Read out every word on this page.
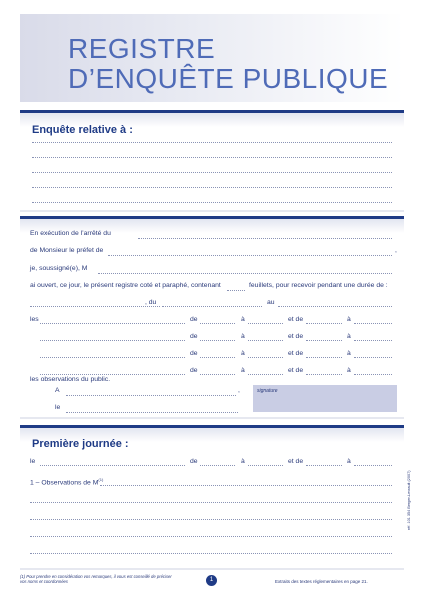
REGISTRE
D’ENQUÊTE PUBLIQUE
Enquête relative à :
En exécution de l’arrêté du
de Monsieur le préfet de	,
je, soussigné(e), M
ai ouvert, ce jour, le présent registre coté et paraphé, contenant	feuillets, pour recevoir pendant une durée de :
, du	au
les	de	à	et de	à
de	à	et de	à
de	à	et de	à
de	à	et de	à
les observations du public.
A	,
le
signature
Première journée :
le	de	à	et de	à
1 – Observations de $M^{(1)}$	réf. 101 354 Berger-Levrault (2007)
(1) Pour prendre en considération vos remarques, il vous est conseillé de préciser
vos noms et coordonnées	1	Extraits des textes réglementaires en page 21.
